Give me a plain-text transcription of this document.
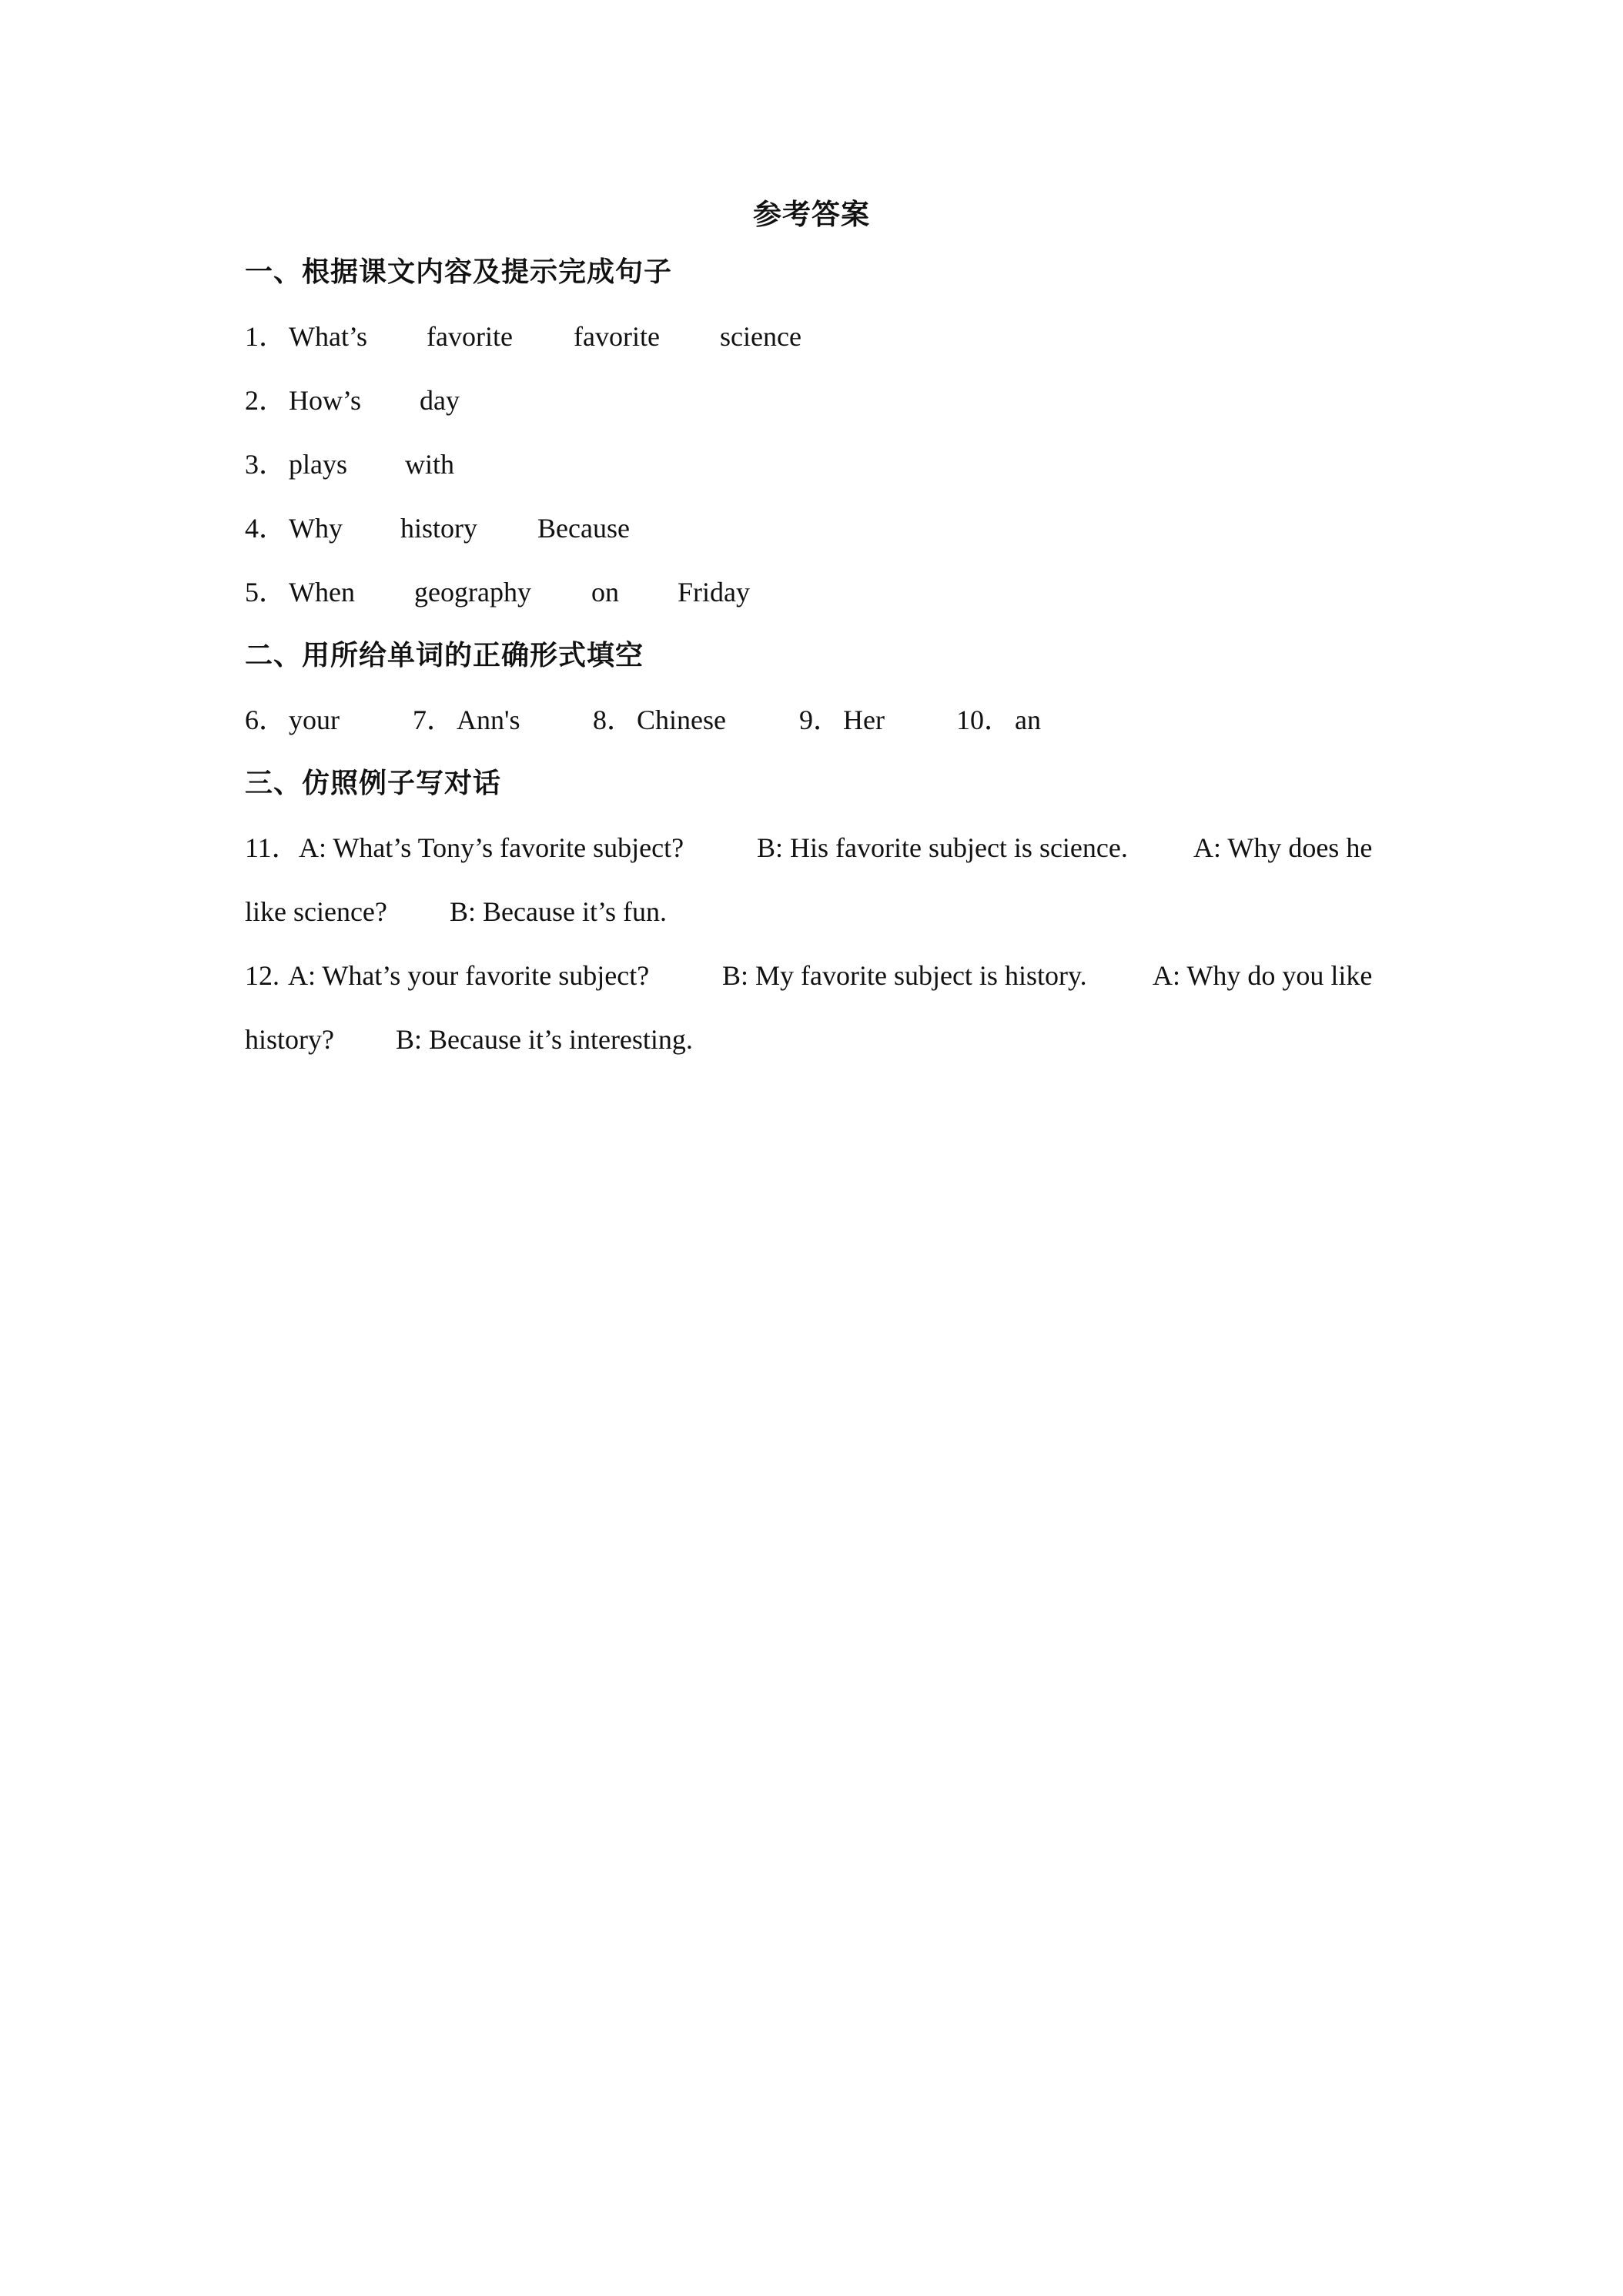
参考答案
一、根据课文内容及提示完成句子
1． What’s favorite favorite science
2． How’s day
3． plays with
4． Why history Because
5． When geography on Friday
二、用所给单词的正确形式填空
6． your	7． Ann's	8． Chinese	9． Her	10． an
三、仿照例子写对话
11． A: What’s Tony’s favorite subject?	B: His favorite subject is science. A: Why does he
like science? B: Because it’s fun.
12. A: What’s your favorite subject?	B: My favorite subject is history. A: Why do you like
history? B: Because it’s interesting.
